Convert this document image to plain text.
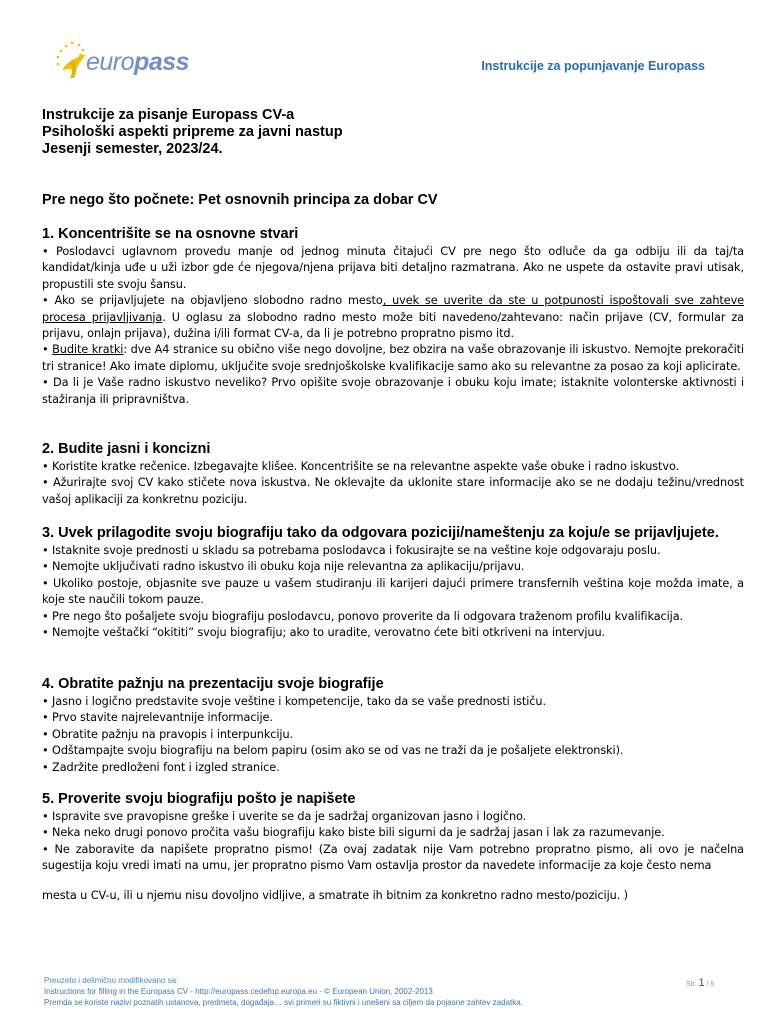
europass	Instrukcije za popunjavanje Europass
Instrukcije za pisanje Europass CV-a
Psihološki aspekti pripreme za javni nastup
Jesenji semester, 2023/24.
Pre nego što počnete: Pet osnovnih principa za dobar CV
1. Koncentrišite se na osnovne stvari

• Poslodavci uglavnom provedu manje od jednog minuta čitajući CV pre nego što odluče da ga odbiju ili da taj/ta kandidat/kinja uđe u uži izbor gde će njegova/njena prijava biti detaljno razmatrana. Ako ne uspete da ostavite pravi utisak, propustili ste svoju šansu.

• Ako se prijavljujete na objavljeno slobodno radno mesto, uvek se uverite da ste u potpunosti ispoštovali sve zahteve procesa prijavljivanja. U oglasu za slobodno radno mesto može biti navedeno/zahtevano: način prijave (CV, formular za prijavu, onlajn prijava), dužina i/ili format CV-a, da li je potrebno propratno pismo itd.

• Budite kratki: dve A4 stranice su obično više nego dovoljne, bez obzira na vaše obrazovanje ili iskustvo. Nemojte prekoračiti tri stranice! Ako imate diplomu, uključite svoje srednjoškolske kvalifikacije samo ako su relevantne za posao za koji aplicirate.

• Da li je Vaše radno iskustvo neveliko? Prvo opišite svoje obrazovanje i obuku koju imate; istaknite volonterske aktivnosti i stažiranja ili pripravništva.

2. Budite jasni i koncizni

• Koristite kratke rečenice. Izbegavajte klišee. Koncentrišite se na relevantne aspekte vaše obuke i radno iskustvo.

• Ažurirajte svoj CV kako stičete nova iskustva. Ne oklevajte da uklonite stare informacije ako se ne dodaju težinu/vrednost vašoj aplikaciji za konkretnu poziciju.

3. Uvek prilagodite svoju biografiju tako da odgovara poziciji/nameštenju za koju/e se prijavljujete.

• Istaknite svoje prednosti u skladu sa potrebama poslodavca i fokusirajte se na veštine koje odgovaraju poslu.

• Nemojte uključivati radno iskustvo ili obuku koja nije relevantna za aplikaciju/prijavu.

• Ukoliko postoje, objasnite sve pauze u vašem studiranju ili karijeri dajući primere transfernih veština koje možda imate, a koje ste naučili tokom pauze.

• Pre nego što pošaljete svoju biografiju poslodavcu, ponovo proverite da li odgovara traženom profilu kvalifikacija.

• Nemojte veštački “okititi” svoju biografiju; ako to uradite, verovatno ćete biti otkriveni na intervjuu.

4. Obratite pažnju na prezentaciju svoje biografije

• Jasno i logično predstavite svoje veštine i kompetencije, tako da se vaše prednosti ističu.

• Prvo stavite najrelevantnije informacije.

• Obratite pažnju na pravopis i interpunkciju.

• Odštampajte svoju biografiju na belom papiru (osim ako se od vas ne traži da je pošaljete elektronski).

• Zadržite predloženi font i izgled stranice.

5. Proverite svoju biografiju pošto je napišete

• Ispravite sve pravopisne greške i uverite se da je sadržaj organizovan jasno i logično.

• Neka neko drugi ponovo pročita vašu biografiju kako biste bili sigurni da je sadržaj jasan i lak za razumevanje.

• Ne zaboravite da napišete propratno pismo! (Za ovaj zadatak nije Vam potrebno propratno pismo, ali ovo je načelna sugestija koju vredi imati na umu, jer propratno pismo Vam ostavlja prostor da navedete informacije za koje često nema

mesta u CV-u, ili u njemu nisu dovoljno vidljive, a smatrate ih bitnim za konkretno radno mesto/poziciju. )

Preuzeto i delimično modifikovano sa:
Instructions for filling in the Europass CV - http://europass.cedefop.europa.eu - © European Union, 2002-2013
Premda se koriste nazivi poznatih ustanova, predmeta, događaja… svi primeri su fiktivni i unešeni sa ciljem da pojasne zahtev zadatka.
Str. 1 / 5
